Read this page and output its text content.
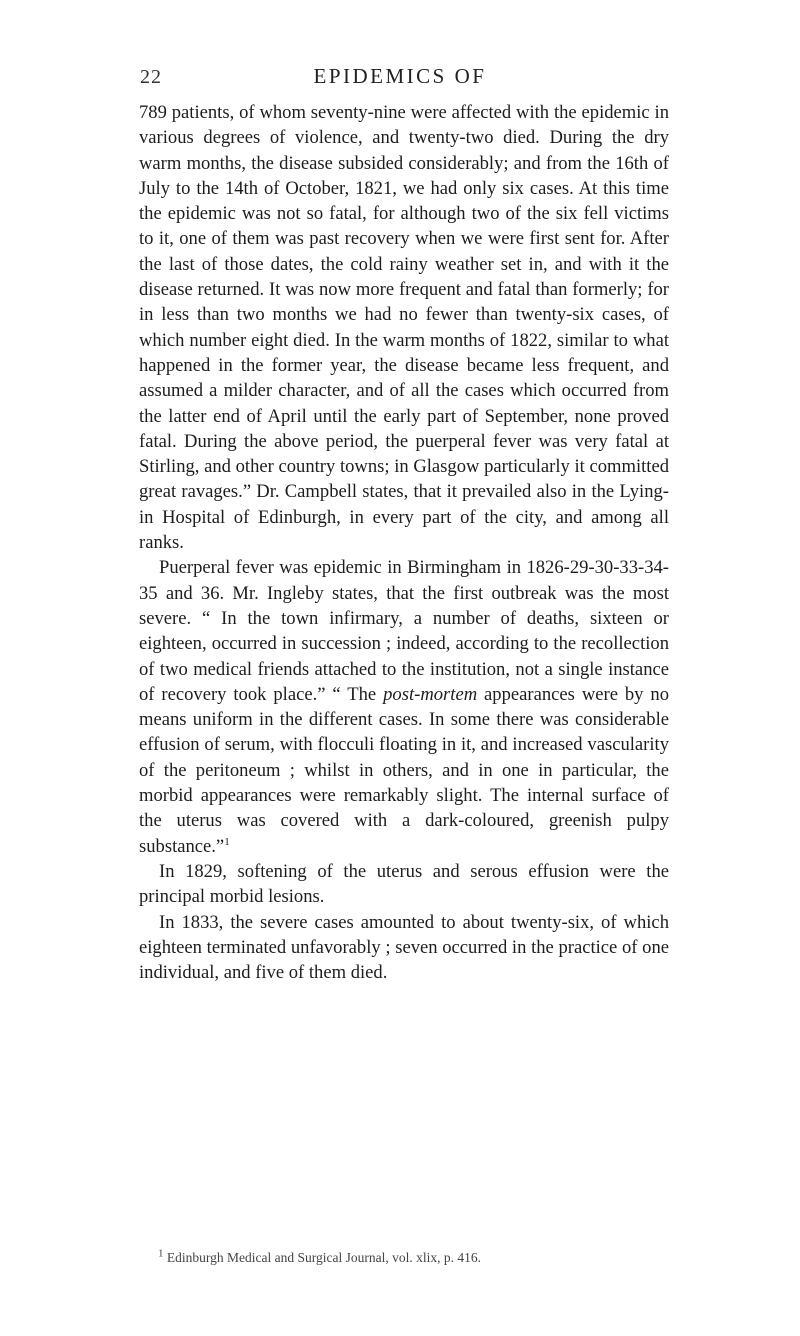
22	EPIDEMICS OF

789 patients, of whom seventy-nine were affected with the epidemic in various degrees of violence, and twenty-two died. During the dry warm months, the disease subsided considerably; and from the 16th of July to the 14th of October, 1821, we had only six cases. At this time the epidemic was not so fatal, for although two of the six fell victims to it, one of them was past recovery when we were first sent for. After the last of those dates, the cold rainy weather set in, and with it the disease returned. It was now more frequent and fatal than formerly; for in less than two months we had no fewer than twenty-six cases, of which number eight died. In the warm months of 1822, similar to what happened in the former year, the disease became less frequent, and assumed a milder character, and of all the cases which occurred from the latter end of April until the early part of September, none proved fatal. During the above period, the puerperal fever was very fatal at Stirling, and other country towns; in Glasgow particularly it committed great ravages.” Dr. Campbell states, that it prevailed also in the Lying-in Hospital of Edinburgh, in every part of the city, and among all ranks.

Puerperal fever was epidemic in Birmingham in 1826-29-30-33-34-35 and 36. Mr. Ingleby states, that the first outbreak was the most severe. “ In the town infirmary, a number of deaths, sixteen or eighteen, occurred in succession ; indeed, according to the recollection of two medical friends attached to the institution, not a single instance of recovery took place.” “ The post-mortem appearances were by no means uniform in the different cases. In some there was considerable effusion of serum, with flocculi floating in it, and increased vascularity of the peritoneum ; whilst in others, and in one in particular, the morbid appearances were remarkably slight. The internal surface of the uterus was covered with a dark-coloured, greenish pulpy substance.”$^1$

In 1829, softening of the uterus and serous effusion were the principal morbid lesions.

In 1833, the severe cases amounted to about twenty-six, of which eighteen terminated unfavorably ; seven occurred in the practice of one individual, and five of them died.

$^1$ Edinburgh Medical and Surgical Journal, vol. xlix, p. 416.
